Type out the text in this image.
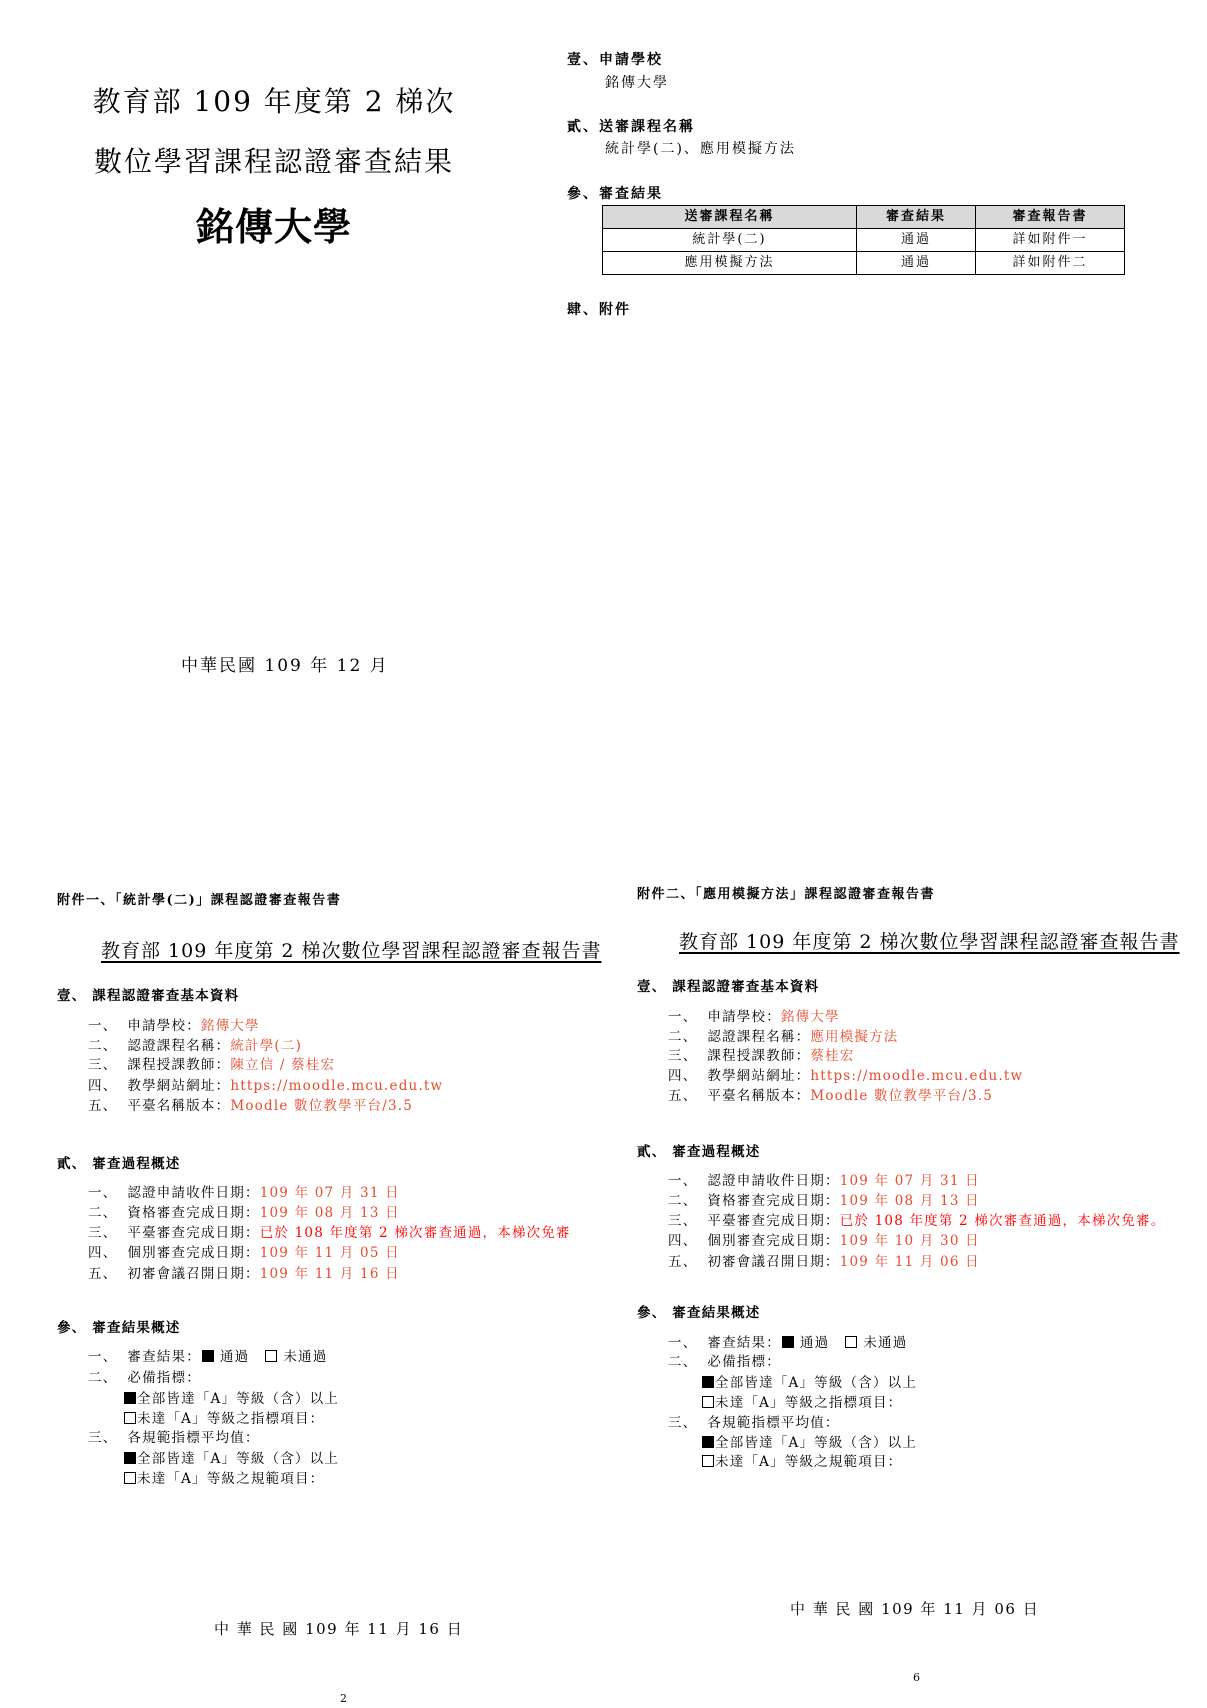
教育部 109 年度第 2 梯次
數位學習課程認證審查結果
銘傳大學
中華民國 109 年 12 月
壹、申請學校
銘傳大學
貳、送審課程名稱
統計學(二)、應用模擬方法
參、審查結果
送審課程名稱	審查結果	審查報告書
統計學(二)	通過	詳如附件一
應用模擬方法	通過	詳如附件二
肆、附件
附件一、「統計學(二)」課程認證審查報告書
教育部 109 年度第 2 梯次數位學習課程認證審查報告書
壹、 課程認證審查基本資料
一、 申請學校：銘傳大學
二、 認證課程名稱：統計學(二)
三、 課程授課教師：陳立信 / 蔡桂宏
四、 教學網站網址：https://moodle.mcu.edu.tw
五、 平臺名稱版本：Moodle 數位教學平台/3.5
貳、 審查過程概述
一、 認證申請收件日期：109 年 07 月 31 日
二、 資格審查完成日期：109 年 08 月 13 日
三、 平臺審查完成日期：已於 108 年度第 2 梯次審查通過，本梯次免審
四、 個別審查完成日期：109 年 11 月 05 日
五、 初審會議召開日期：109 年 11 月 16 日
參、 審查結果概述
一、 審查結果： 通過	未通過
二、 必備指標：
全部皆達「A」等級（含）以上
未達「A」等級之指標項目：
三、 各規範指標平均值：
全部皆達「A」等級（含）以上
未達「A」等級之規範項目：
中 華 民 國 109 年 11 月 16 日
2
附件二、「應用模擬方法」課程認證審查報告書
教育部 109 年度第 2 梯次數位學習課程認證審查報告書
壹、 課程認證審查基本資料
一、 申請學校：銘傳大學
二、 認證課程名稱：應用模擬方法
三、 課程授課教師：蔡桂宏
四、 教學網站網址：https://moodle.mcu.edu.tw
五、 平臺名稱版本：Moodle 數位教學平台/3.5
貳、 審查過程概述
一、 認證申請收件日期：109 年 07 月 31 日
二、 資格審查完成日期：109 年 08 月 13 日
三、 平臺審查完成日期：已於 108 年度第 2 梯次審查通過，本梯次免審。
四、 個別審查完成日期：109 年 10 月 30 日
五、 初審會議召開日期：109 年 11 月 06 日
參、 審查結果概述
一、 審查結果： 通過	未通過
二、 必備指標：
全部皆達「A」等級（含）以上
未達「A」等級之指標項目：
三、 各規範指標平均值：
全部皆達「A」等級（含）以上
未達「A」等級之規範項目：
中 華 民 國 109 年 11 月 06 日
6
